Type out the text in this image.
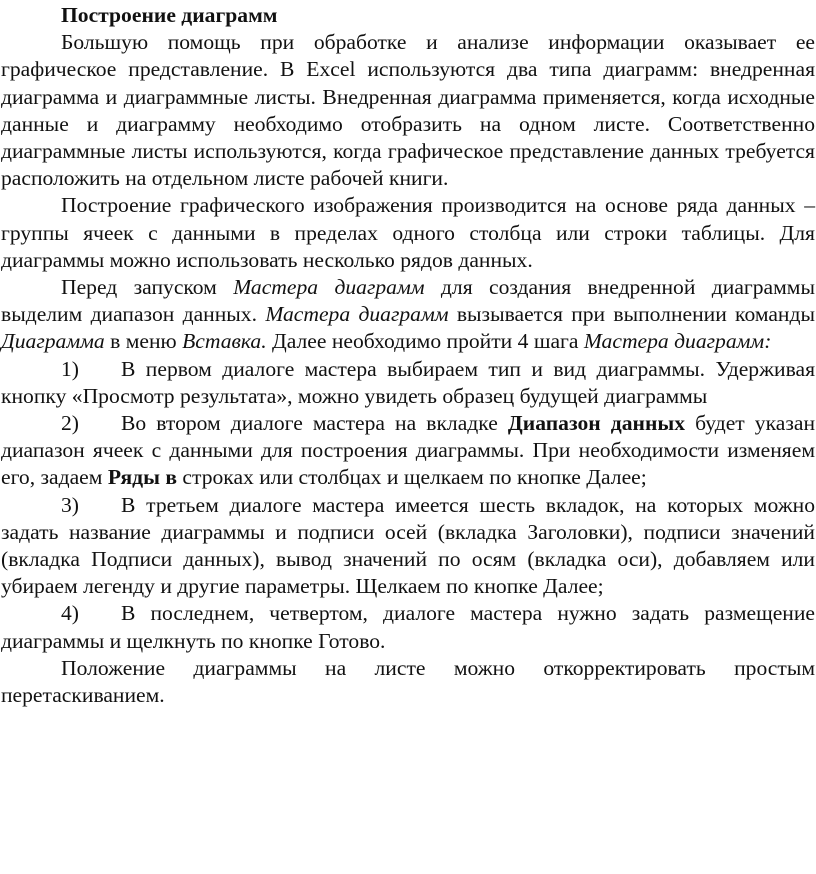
Построение диаграмм

Большую помощь при обработке и анализе информации оказывает ее графическое представление. В Excel используются два типа диаграмм: внедренная диаграмма и диаграммные листы. Внедренная диаграмма применяется, когда исходные данные и диаграмму необходимо отобразить на одном листе. Соответственно диаграммные листы используются, когда графическое представление данных требуется расположить на отдельном листе рабочей книги.

Построение графического изображения производится на основе ряда данных – группы ячеек с данными в пределах одного столбца или строки таблицы. Для диаграммы можно использовать несколько рядов данных.

Перед запуском Мастера диаграмм для создания внедренной диаграммы выделим диапазон данных. Мастера диаграмм вызывается при выполнении команды Диаграмма в меню Вставка. Далее необходимо пройти 4 шага Мастера диаграмм:

1) В первом диалоге мастера выбираем тип и вид диаграммы. Удерживая кнопку «Просмотр результата», можно увидеть образец будущей диаграммы

2) Во втором диалоге мастера на вкладке Диапазон данных будет указан диапазон ячеек с данными для построения диаграммы. При необходимости изменяем его, задаем Ряды в строках или столбцах и щелкаем по кнопке Далее;

3) В третьем диалоге мастера имеется шесть вкладок, на которых можно задать название диаграммы и подписи осей (вкладка Заголовки), подписи значений (вкладка Подписи данных), вывод значений по осям (вкладка оси), добавляем или убираем легенду и другие параметры. Щелкаем по кнопке Далее;

4) В последнем, четвертом, диалоге мастера нужно задать размещение диаграммы и щелкнуть по кнопке Готово.

Положение диаграммы на листе можно откорректировать простым перетаскиванием.
